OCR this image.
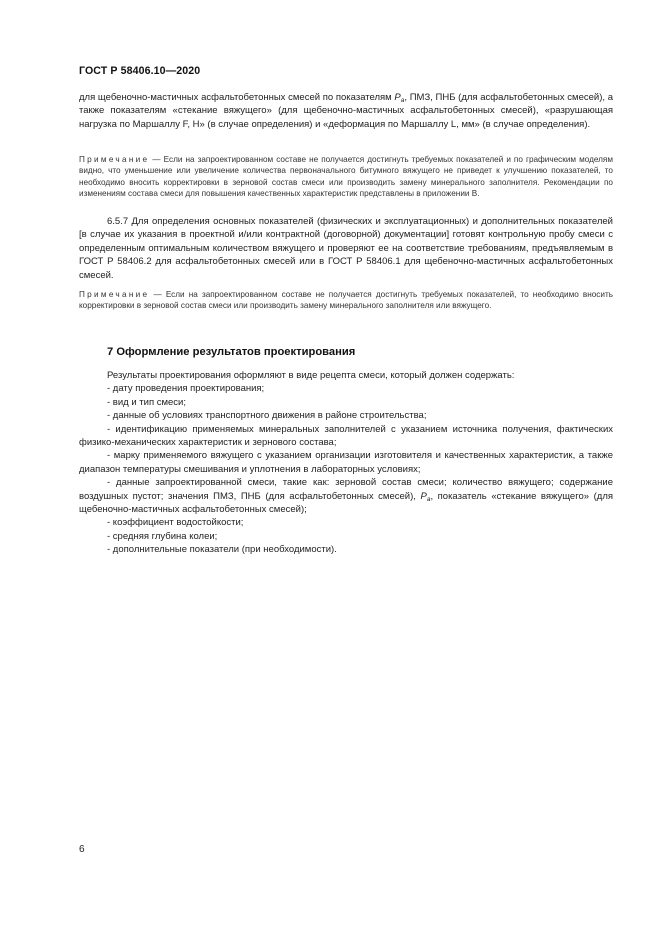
ГОСТ Р 58406.10—2020

для щебеночно-мастичных асфальтобетонных смесей по показателям $P_a$, ПМЗ, ПНБ (для асфальтобетонных смесей), а также показателям «стекание вяжущего» (для щебеночно-мастичных асфальтобетонных смесей), «разрушающая нагрузка по Маршаллу F, Н» (в случае определения) и «деформация по Маршаллу L, мм» (в случае определения).

Примечание — Если на запроектированном составе не получается достигнуть требуемых показателей и по графическим моделям видно, что уменьшение или увеличение количества первоначального битумного вяжущего не приведет к улучшению показателей, то необходимо вносить корректировки в зерновой состав смеси или производить замену минерального заполнителя. Рекомендации по изменениям состава смеси для повышения качественных характеристик представлены в приложении В.

6.5.7 Для определения основных показателей (физических и эксплуатационных) и дополнительных показателей [в случае их указания в проектной и/или контрактной (договорной) документации] готовят контрольную пробу смеси с определенным оптимальным количеством вяжущего и проверяют ее на соответствие требованиям, предъявляемым в ГОСТ Р 58406.2 для асфальтобетонных смесей или в ГОСТ Р 58406.1 для щебеночно-мастичных асфальтобетонных смесей.

Примечание — Если на запроектированном составе не получается достигнуть требуемых показателей, то необходимо вносить корректировки в зерновой состав смеси или производить замену минерального заполнителя или вяжущего.

7 Оформление результатов проектирования

Результаты проектирования оформляют в виде рецепта смеси, который должен содержать:

- дату проведения проектирования;

- вид и тип смеси;

- данные об условиях транспортного движения в районе строительства;

- идентификацию применяемых минеральных заполнителей с указанием источника получения, фактических физико-механических характеристик и зернового состава;

- марку применяемого вяжущего с указанием организации изготовителя и качественных характеристик, а также диапазон температуры смешивания и уплотнения в лабораторных условиях;

- данные запроектированной смеси, такие как: зерновой состав смеси; количество вяжущего; содержание воздушных пустот; значения ПМЗ, ПНБ (для асфальтобетонных смесей), $P_a$, показатель «стекание вяжущего» (для щебеночно-мастичных асфальтобетонных смесей);

- коэффициент водостойкости;

- средняя глубина колеи;

- дополнительные показатели (при необходимости).

6
